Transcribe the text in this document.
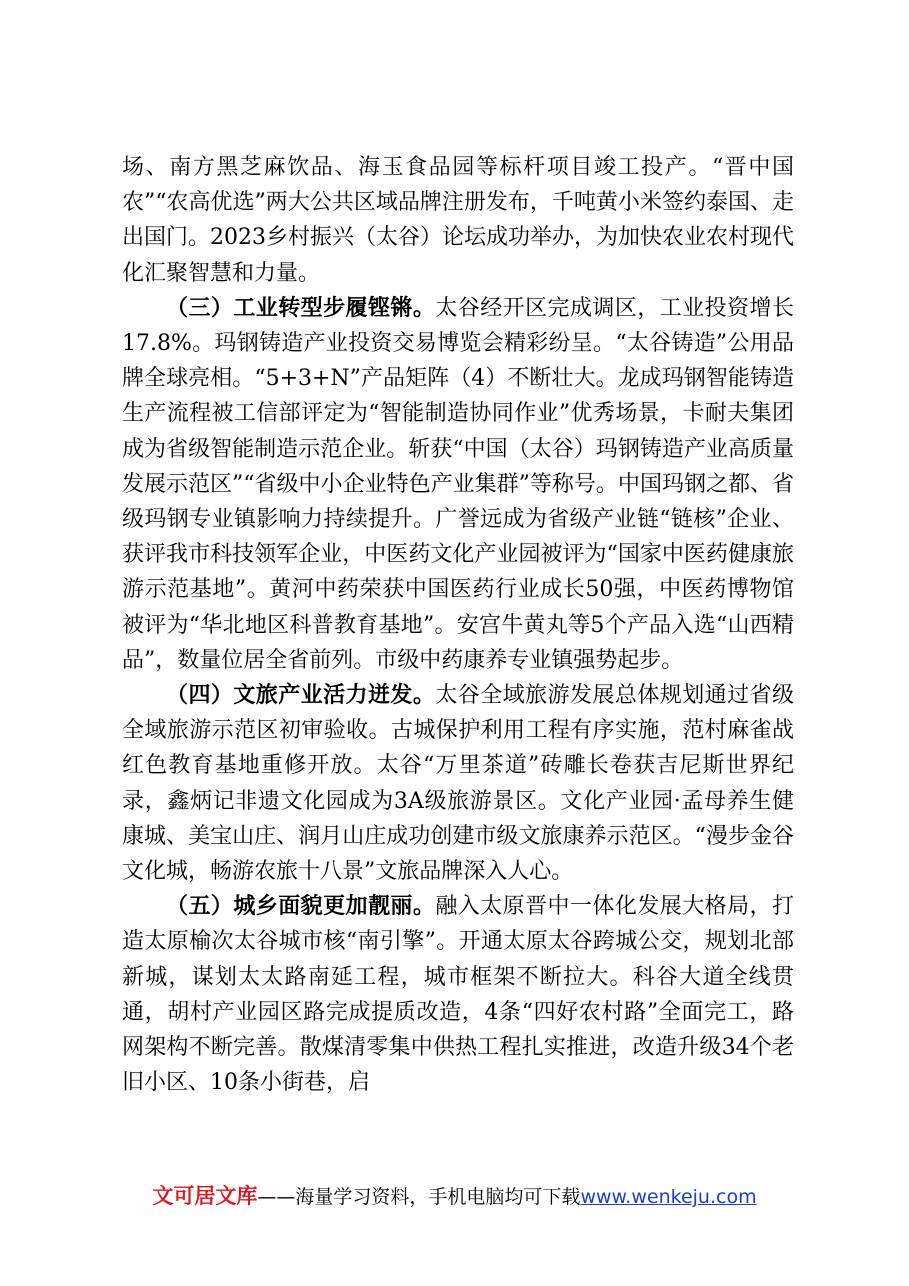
场、南方黑芝麻饮品、海玉食品园等标杆项目竣工投产。“晋中国农”“农高优选”两大公共区域品牌注册发布，千吨黄小米签约泰国、走出国门。2023乡村振兴（太谷）论坛成功举办，为加快农业农村现代化汇聚智慧和力量。

（三）工业转型步履铿锵。太谷经开区完成调区，工业投资增长17.8%。玛钢铸造产业投资交易博览会精彩纷呈。“太谷铸造”公用品牌全球亮相。“5+3+N”产品矩阵（4）不断壮大。龙成玛钢智能铸造生产流程被工信部评定为“智能制造协同作业”优秀场景，卡耐夫集团成为省级智能制造示范企业。斩获“中国（太谷）玛钢铸造产业高质量发展示范区”“省级中小企业特色产业集群”等称号。中国玛钢之都、省级玛钢专业镇影响力持续提升。广誉远成为省级产业链“链核”企业、获评我市科技领军企业，中医药文化产业园被评为“国家中医药健康旅游示范基地”。黄河中药荣获中国医药行业成长50强，中医药博物馆被评为“华北地区科普教育基地”。安宫牛黄丸等5个产品入选“山西精品”，数量位居全省前列。市级中药康养专业镇强势起步。

（四）文旅产业活力迸发。太谷全域旅游发展总体规划通过省级全域旅游示范区初审验收。古城保护利用工程有序实施，范村麻雀战红色教育基地重修开放。太谷“万里茶道”砖雕长卷获吉尼斯世界纪录，鑫炳记非遗文化园成为3A级旅游景区。文化产业园·孟母养生健康城、美宝山庄、润月山庄成功创建市级文旅康养示范区。“漫步金谷文化城，畅游农旅十八景”文旅品牌深入人心。

（五）城乡面貌更加靓丽。融入太原晋中一体化发展大格局，打造太原榆次太谷城市核“南引擎”。开通太原太谷跨城公交，规划北部新城，谋划太太路南延工程，城市框架不断拉大。科谷大道全线贯通，胡村产业园区路完成提质改造，4条“四好农村路”全面完工，路网架构不断完善。散煤清零集中供热工程扎实推进，改造升级34个老旧小区、10条小街巷，启

文可居文库——海量学习资料，手机电脑均可下载www.wenkeju.com
